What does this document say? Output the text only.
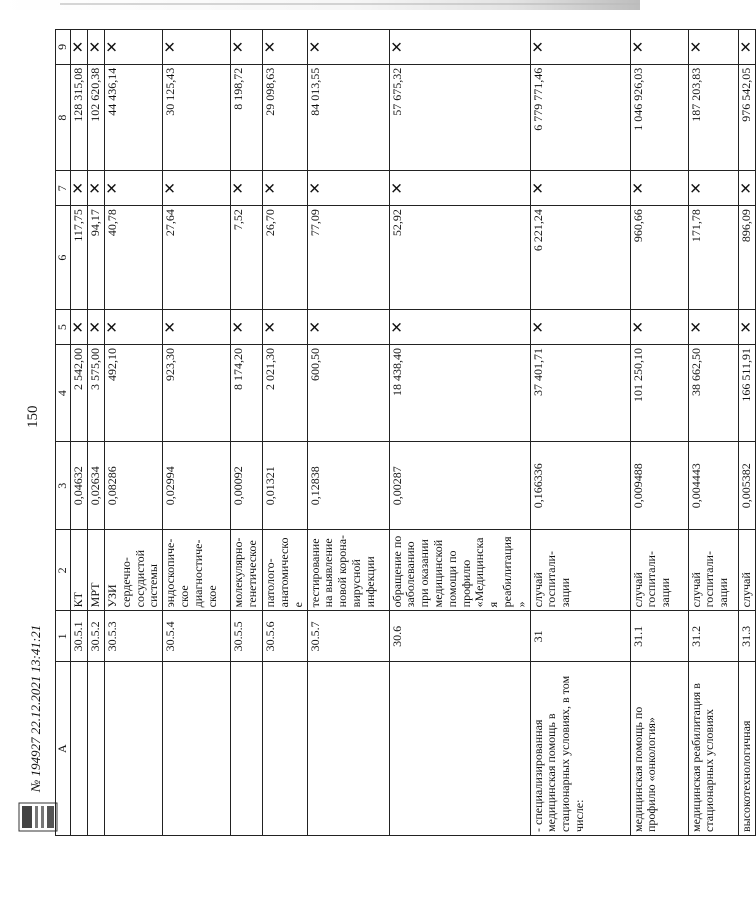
150
№ 194927 22.12.2021 13:41:21 A	1	2	3	4	5	6	7	8	9
	30.5.1	КТ	0,04632	2 542,00	✕	117,75	✕	128 315,08	✕
	30.5.2	МРТ	0,02634	3 575,00	✕	94,17	✕	102 620,38	✕
	30.5.3	УЗИ сердечно-сосудистой системы	0,08286	492,10	✕	40,78	✕	44 436,14	✕
	30.5.4	эндоскопиче-ское диагностиче-ское	0,02994	923,30	✕	27,64	✕	30 125,43	✕
	30.5.5	молекулярно-генетическое	0,00092	8 174,20	✕	7,52	✕	8 198,72	✕
	30.5.6	патолого-анатомическое	0,01321	2 021,30	✕	26,70	✕	29 098,63	✕
	30.5.7	тестирование на выявление новой корона-вирусной инфекции	0,12838	600,50	✕	77,09	✕	84 013,55	✕
	30.6	обращение по заболеванию при оказании медицинской помощи по профилю «Медицинская реабилитация»	0,00287	18 438,40	✕	52,92	✕	57 675,32	✕
- специализированная медицинская помощь в стационарных условиях, в том числе:	31	случай госпитали-зации	0,166336	37 401,71	✕	6 221,24	✕	6 779 771,46	✕
медицинская помощь по профилю «онкология»	31.1	случай госпитали-зации	0,009488	101 250,10	✕	960,66	✕	1 046 926,03	✕
медицинская реабилитация в стационарных условиях	31.2	случай госпитали-зации	0,004443	38 662,50	✕	171,78	✕	187 203,83	✕
высокотехнологичная	31.3	случай	0,005382	166 511,91	✕	896,09	✕	976 542,05	✕
